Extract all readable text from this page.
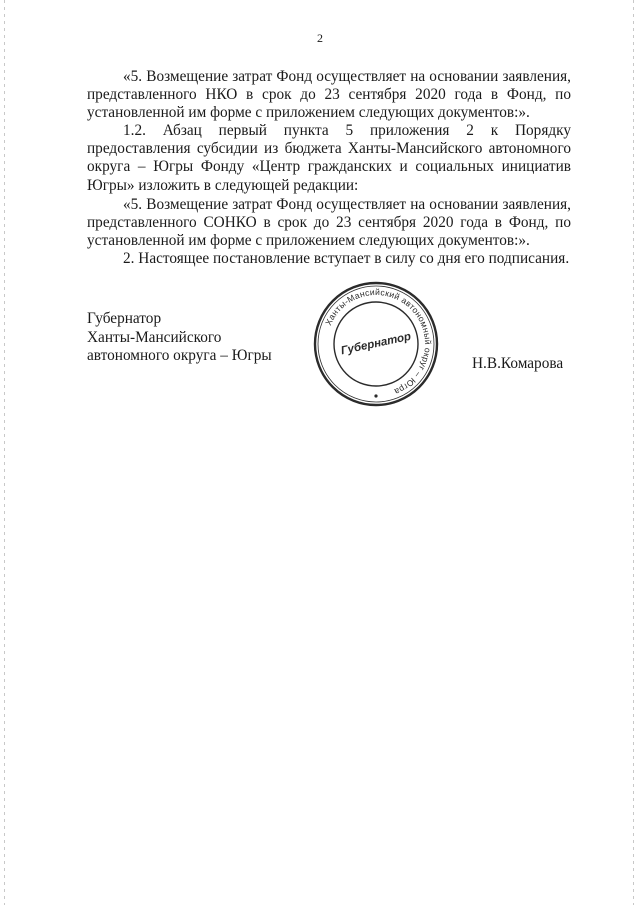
2

«5. Возмещение затрат Фонд осуществляет на основании заявления, представленного НКО в срок до 23 сентября 2020 года в Фонд, по установленной им форме с приложением следующих документов:».

1.2. Абзац первый пункта 5 приложения 2 к Порядку предоставления субсидии из бюджета Ханты-Мансийского автономного округа – Югры Фонду «Центр гражданских и социальных инициатив Югры» изложить в следующей редакции:

«5. Возмещение затрат Фонд осуществляет на основании заявления, представленного СОНКО в срок до 23 сентября 2020 года в Фонд, по установленной им форме с приложением следующих документов:».

2. Настоящее постановление вступает в силу со дня его подписания.

Губернатор
Ханты-Мансийского
автономного округа – Югры
Ханты-Мансийский автономный округ – Югра
Губернатор
Н.В.Комарова
